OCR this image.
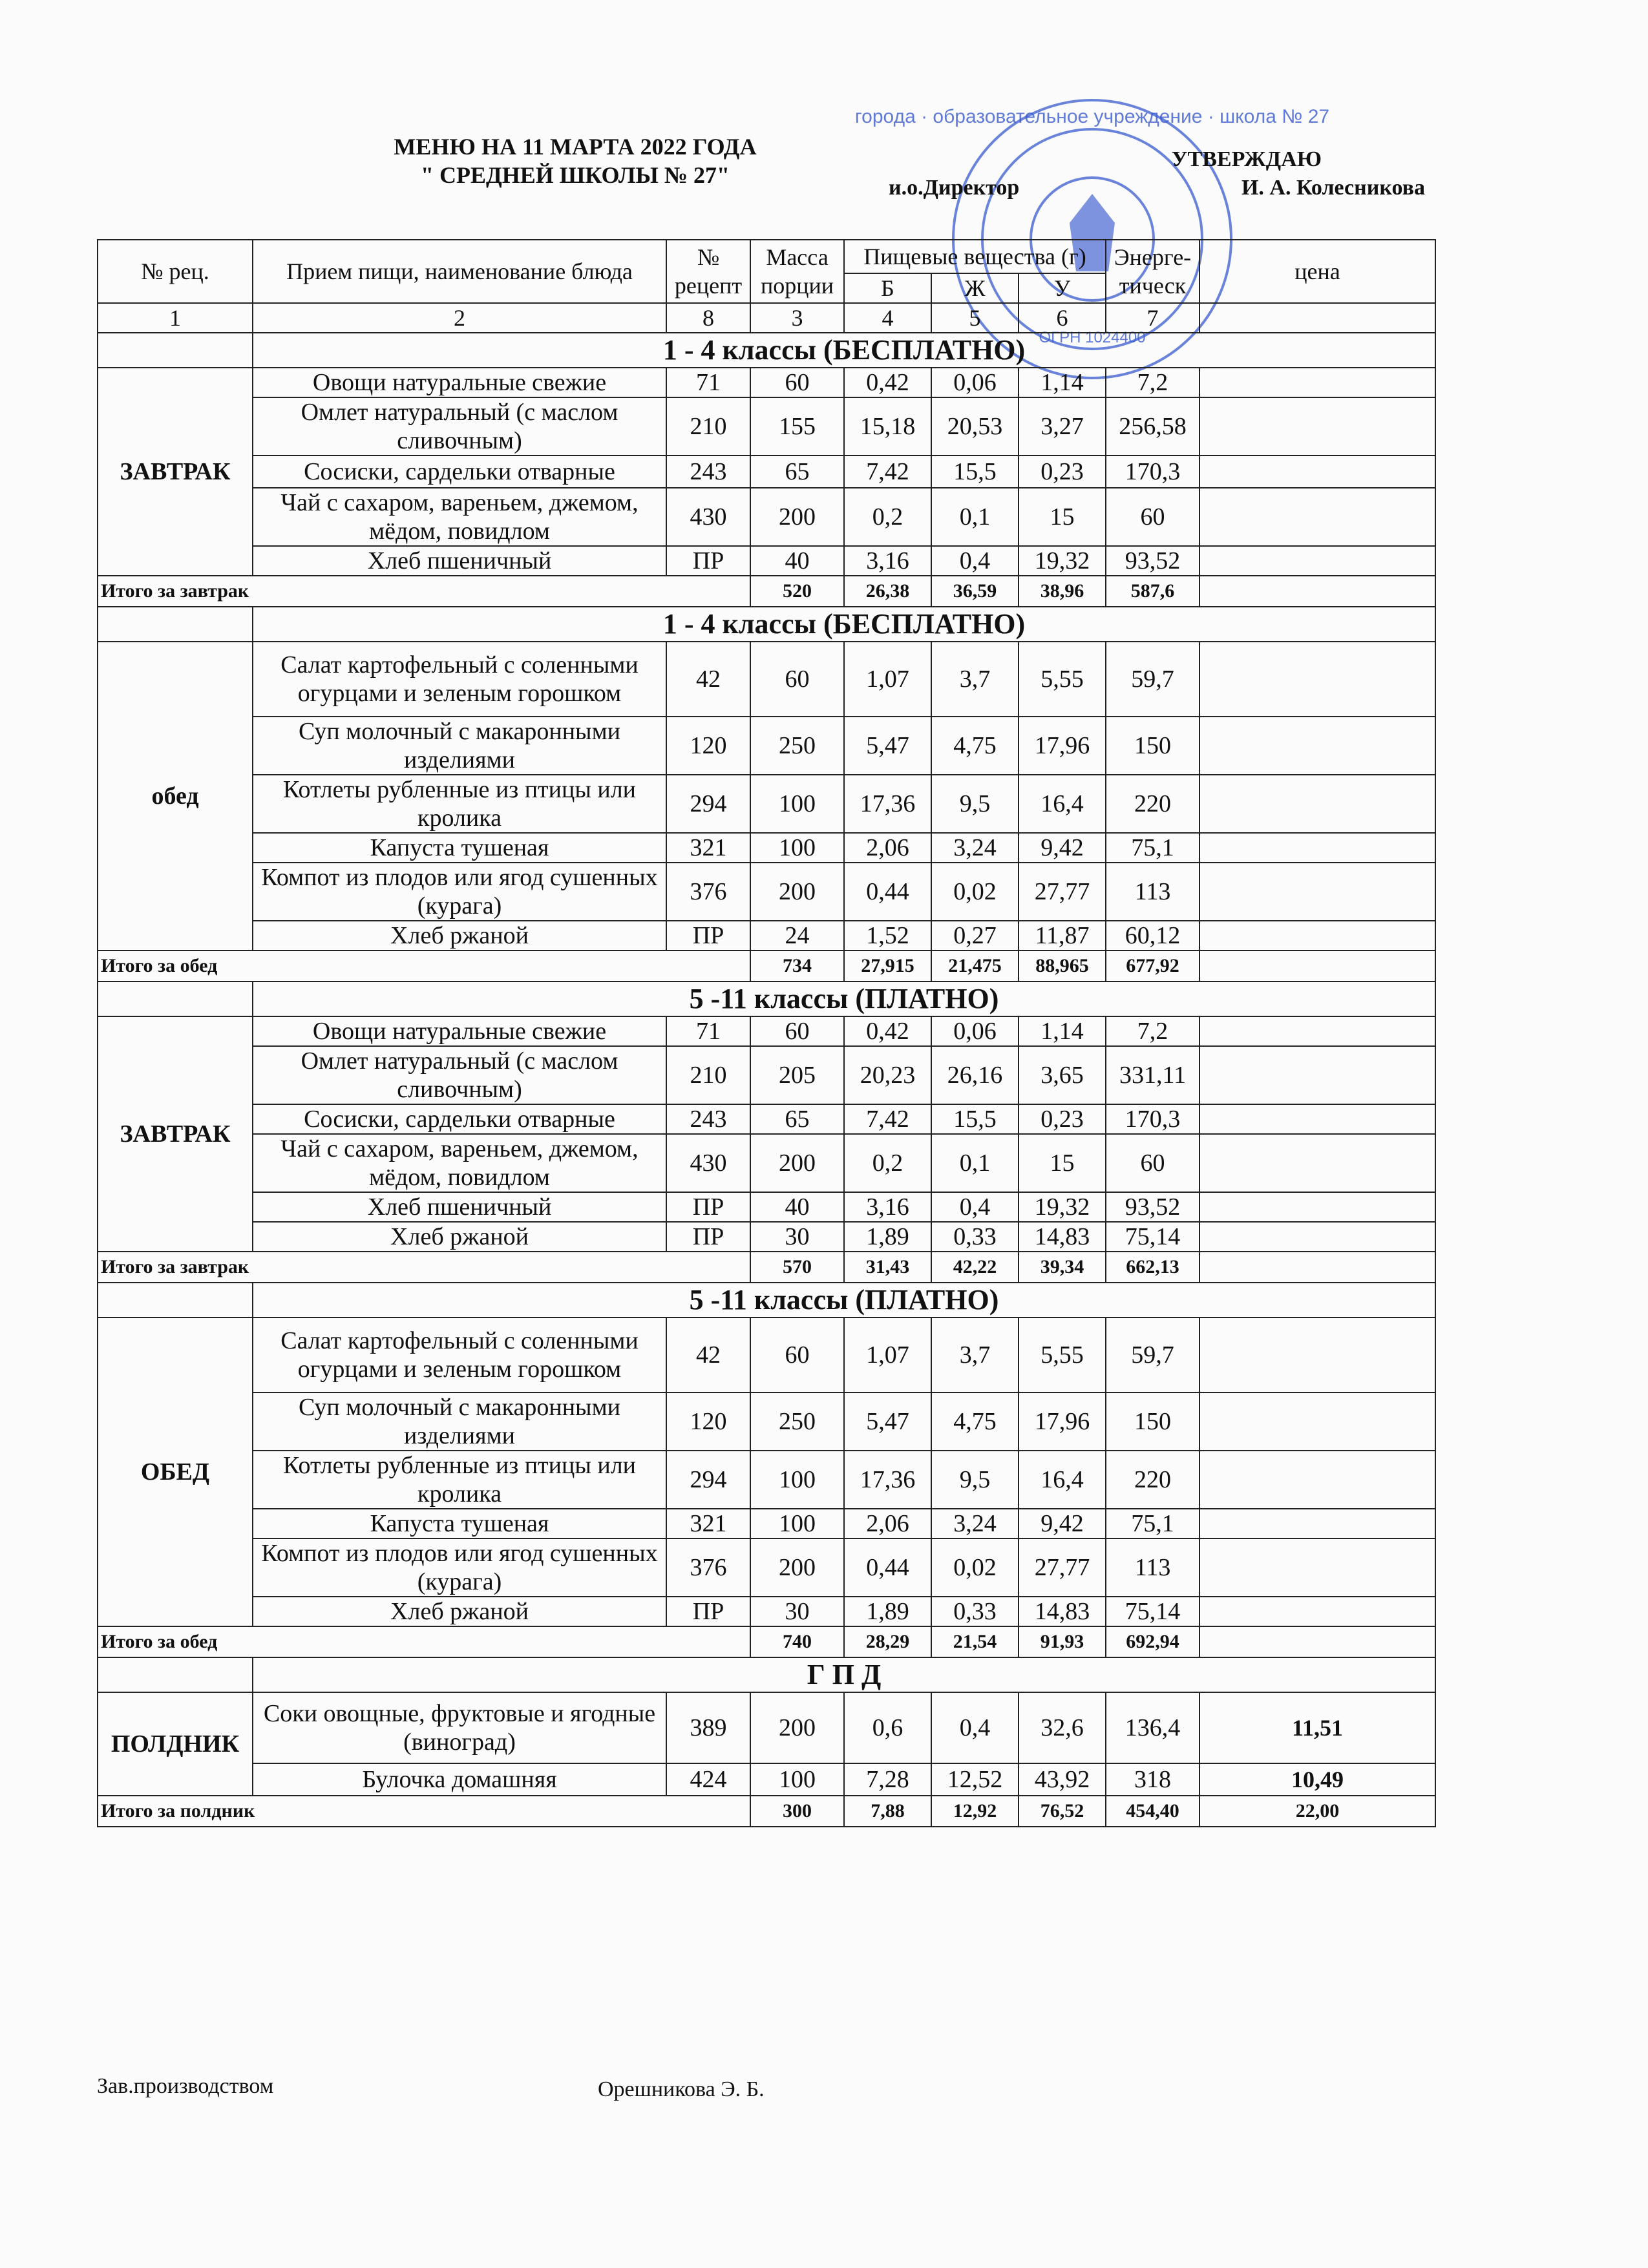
МЕНЮ НА 11 МАРТА 2022 ГОДА
" СРЕДНЕЙ ШКОЛЫ № 27"
города · образовательное учреждение · школа № 27
ОГРН 1024400
УТВЕРЖДАЮ
и.о.Директор	И. А. Колесникова
№ рец.	Прием пищи, наименование блюда	№ рецепт	Масса порции	Пищевые вещества (г)			Энерге-тическ	цена
				Б	Ж	У		
1	2	8	3	4	5	6	7	
	1 - 4 классы (БЕСПЛАТНО)							
ЗАВТРАК	Овощи натуральные свежие	71	60	0,42	0,06	1,14	7,2	
	Омлет натуральный (с маслом сливочным)	210	155	15,18	20,53	3,27	256,58	
	Сосиски, сардельки отварные	243	65	7,42	15,5	0,23	170,3	
	Чай с сахаром, вареньем, джемом, мёдом, повидлом	430	200	0,2	0,1	15	60	
	Хлеб пшеничный	ПР	40	3,16	0,4	19,32	93,52	
Итого за завтрак			520	26,38	36,59	38,96	587,6	
	1 - 4 классы (БЕСПЛАТНО)							
обед	Салат картофельный с соленными огурцами и зеленым горошком	42	60	1,07	3,7	5,55	59,7	
	Суп молочный с макаронными изделиями	120	250	5,47	4,75	17,96	150	
	Котлеты рубленные из птицы или кролика	294	100	17,36	9,5	16,4	220	
	Капуста тушеная	321	100	2,06	3,24	9,42	75,1	
	Компот из плодов или ягод сушенных (курага)	376	200	0,44	0,02	27,77	113	
	Хлеб ржаной	ПР	24	1,52	0,27	11,87	60,12	
Итого за обед			734	27,915	21,475	88,965	677,92	
	5 -11 классы (ПЛАТНО)							
ЗАВТРАК	Овощи натуральные свежие	71	60	0,42	0,06	1,14	7,2	
	Омлет натуральный (с маслом сливочным)	210	205	20,23	26,16	3,65	331,11	
	Сосиски, сардельки отварные	243	65	7,42	15,5	0,23	170,3	
	Чай с сахаром, вареньем, джемом, мёдом, повидлом	430	200	0,2	0,1	15	60	
	Хлеб пшеничный	ПР	40	3,16	0,4	19,32	93,52	
	Хлеб ржаной	ПР	30	1,89	0,33	14,83	75,14	
Итого за завтрак			570	31,43	42,22	39,34	662,13	
	5 -11 классы (ПЛАТНО)							
ОБЕД	Салат картофельный с соленными огурцами и зеленым горошком	42	60	1,07	3,7	5,55	59,7	
	Суп молочный с макаронными изделиями	120	250	5,47	4,75	17,96	150	
	Котлеты рубленные из птицы или кролика	294	100	17,36	9,5	16,4	220	
	Капуста тушеная	321	100	2,06	3,24	9,42	75,1	
	Компот из плодов или ягод сушенных (курага)	376	200	0,44	0,02	27,77	113	
	Хлеб ржаной	ПР	30	1,89	0,33	14,83	75,14	
Итого за обед			740	28,29	21,54	91,93	692,94	
	Г П Д							
ПОЛДНИК	Соки овощные, фруктовые и ягодные (виноград)	389	200	0,6	0,4	32,6	136,4	11,51
	Булочка домашняя	424	100	7,28	12,52	43,92	318	10,49
Итого за полдник			300	7,88	12,92	76,52	454,40	22,00
Зав.производством	Орешникова Э. Б.
